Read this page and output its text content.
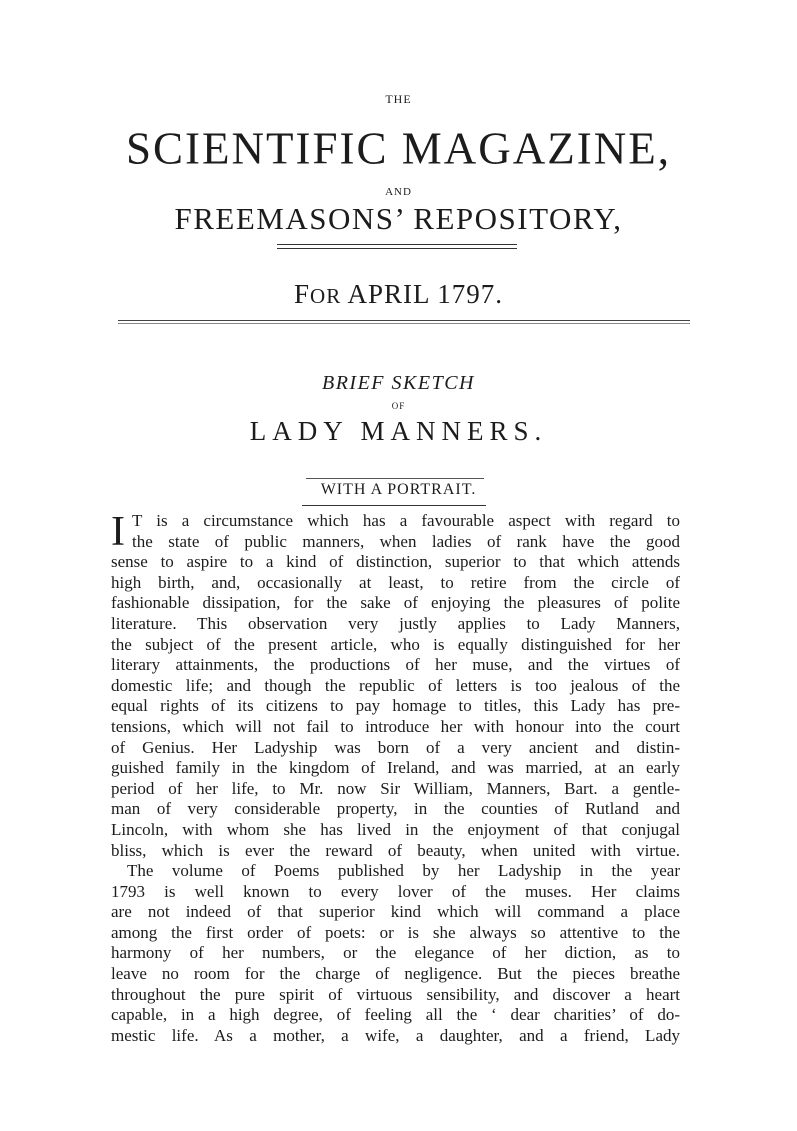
THE
SCIENTIFIC MAGAZINE,
AND
FREEMASONS’ REPOSITORY,
FOR APRIL 1797.
BRIEF SKETCH
OF
LADY MANNERS.
WITH A PORTRAIT.
I T is a circumstance which has a favourable aspect with regard to
the state of public manners, when ladies of rank have the good
sense to aspire to a kind of distinction, superior to that which attends
high birth, and, occasionally at least, to retire from the circle of
fashionable dissipation, for the sake of enjoying the pleasures of polite
literature. This observation very justly applies to Lady Manners,
the subject of the present article, who is equally distinguished for her
literary attainments, the productions of her muse, and the virtues of
domestic life; and though the republic of letters is too jealous of the
equal rights of its citizens to pay homage to titles, this Lady has pre-
tensions, which will not fail to introduce her with honour into the court
of Genius. Her Ladyship was born of a very ancient and distin-
guished family in the kingdom of Ireland, and was married, at an early
period of her life, to Mr. now Sir William, Manners, Bart. a gentle-
man of very considerable property, in the counties of Rutland and
Lincoln, with whom she has lived in the enjoyment of that conjugal
bliss, which is ever the reward of beauty, when united with virtue.
The volume of Poems published by her Ladyship in the year
1793 is well known to every lover of the muses. Her claims
are not indeed of that superior kind which will command a place
among the first order of poets: or is she always so attentive to the
harmony of her numbers, or the elegance of her diction, as to
leave no room for the charge of negligence. But the pieces breathe
throughout the pure spirit of virtuous sensibility, and discover a heart
capable, in a high degree, of feeling all the ‘ dear charities’ of do-
mestic life. As a mother, a wife, a daughter, and a friend, Lady
